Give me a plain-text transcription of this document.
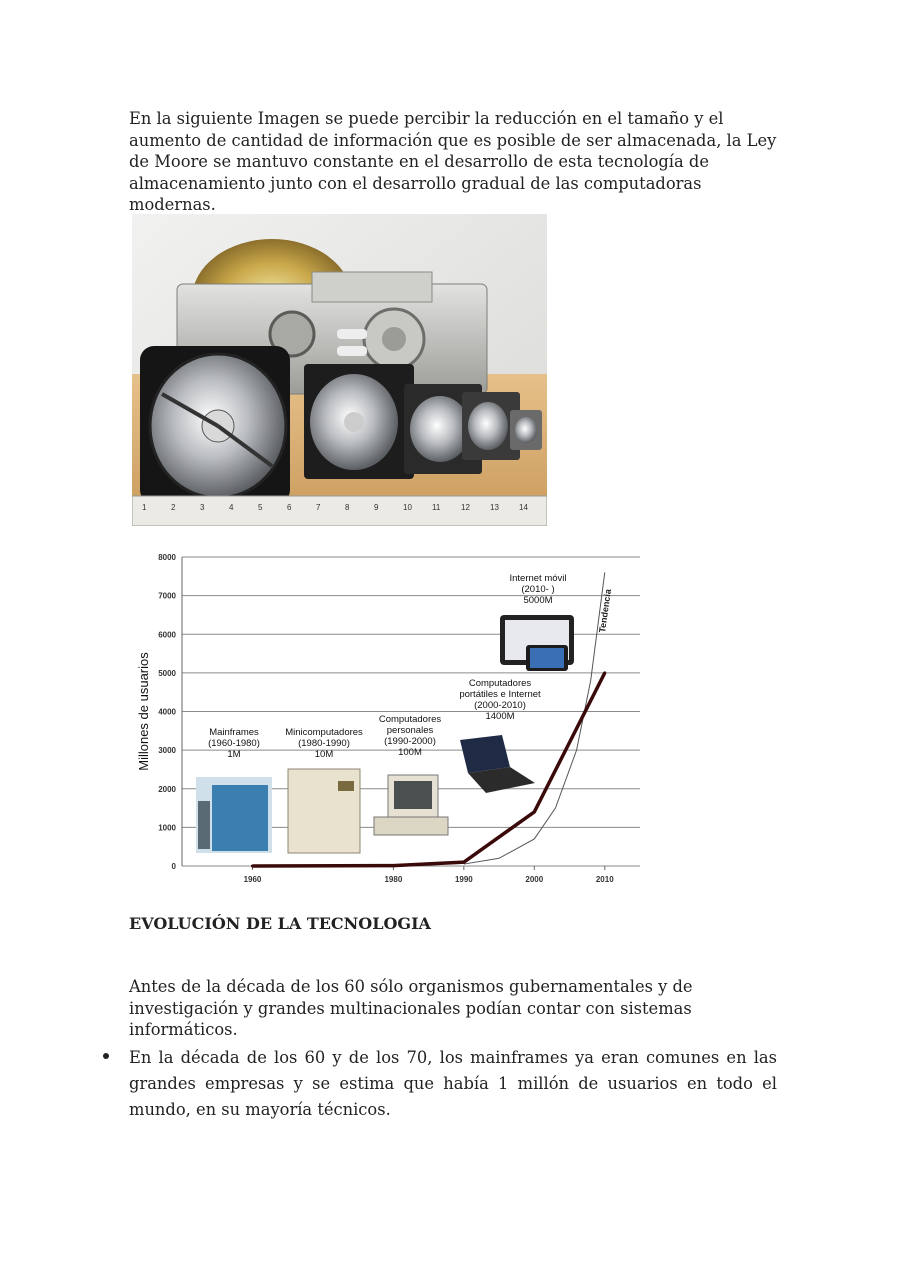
En la siguiente Imagen se puede percibir la reducción en el tamaño y el aumento de cantidad de información que es posible de ser almacenada, la Ley de Moore se mantuvo constante en el desarrollo de esta tecnología de almacenamiento junto con el desarrollo gradual de las computadoras modernas.
1	2	3	4	5	6	7	8	9	10	11	12	13	14
0
1000
2000
3000
4000
5000
6000
7000
8000
1960	1980	1990	2000	2010
Millones de usuarios
Tendencia
Mainframes
(1960-1980)
1M
Minicomputadores
(1980-1990)
10M
Computadores
personales
(1990-2000)
100M
Computadores
portátiles e Internet
(2000-2010)
1400M
Internet móvil
(2010- )
5000M
EVOLUCIÓN DE LA TECNOLOGIA
Antes de la década de los 60 sólo organismos gubernamentales y de investigación y grandes multinacionales podían contar con sistemas informáticos.
En la década de los 60 y de los 70, los mainframes ya eran comunes en las grandes empresas y se estima que había 1 millón de usuarios en todo el mundo, en su mayoría técnicos.
